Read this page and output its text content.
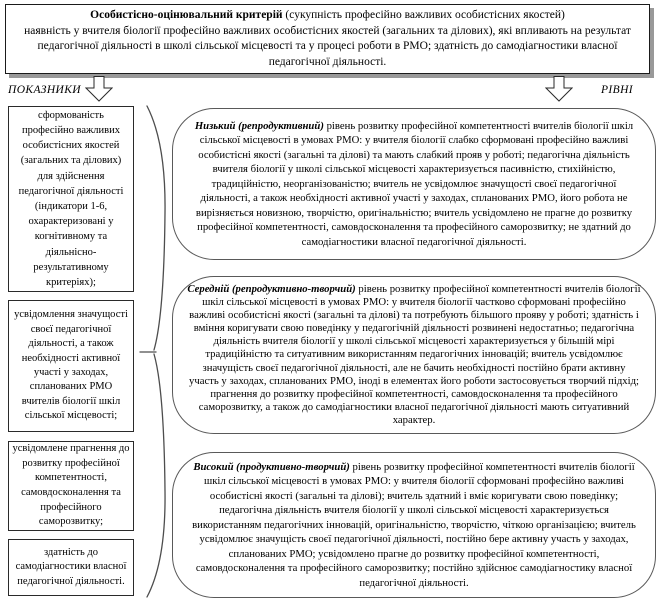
Особистісно-оцінювальний критерій (сукупність професійно важливих особистісних якостей)
наявність у вчителя біології професійно важливих особистісних якостей (загальних та ділових), які впливають на результат педагогічної діяльності в школі сільської місцевості та у процесі роботи в РМО; здатність до самодіагностики власної педагогічної діяльності.
ПОКАЗНИКИ	РІВНІ
сформованість професійно важливих особистісних якостей (загальних та ділових) для здійснення педагогічної діяльності (індикатори 1-6, охарактеризовані у когнітивному та діяльнісно-результативному критеріях);
усвідомлення значущості своєї педагогічної діяльності, а також необхідності активної участі у заходах, спланованих РМО вчителів біології шкіл сільської місцевості;
усвідомлене прагнення до розвитку професійної компетентності, самовдосконалення та професійного саморозвитку;
здатність до самодіагностики власної педагогічної діяльності.
Низький (репродуктивний) рівень розвитку професійної компетентності вчителів біології шкіл сільської місцевості в умовах РМО: у вчителя біології слабко сформовані професійно важливі особистісні якості (загальні та ділові) та мають слабкий прояв у роботі; педагогічна діяльність вчителя біології у школі сільської місцевості характеризується пасивністю, стихійністю, традиційністю, неорганізованістю; вчитель не усвідомлює значущості своєї педагогічної діяльності, а також необхідності активної участі у заходах, спланованих РМО, його робота не вирізняється новизною, творчістю, оригінальністю; вчитель усвідомлено не прагне до розвитку професійної компетентності, самовдосконалення та професійного саморозвитку; не здатний до самодіагностики власної педагогічної діяльності.
Середній (репродуктивно-творчий) рівень розвитку професійної компетентності вчителів біології шкіл сільської місцевості в умовах РМО: у вчителя біології частково сформовані професійно важливі особистісні якості (загальні та ділові) та потребують більшого прояву у роботі; здатність і вміння коригувати свою поведінку у педагогічній діяльності розвинені недостатньо; педагогічна діяльність вчителя біології у школі сільської місцевості характеризується у більшій мірі традиційністю та ситуативним використанням педагогічних інновацій; вчитель усвідомлює значущість своєї педагогічної діяльності, але не бачить необхідності постійно брати активну участь у заходах, спланованих РМО, іноді в елементах його роботи застосовується творчий підхід; прагнення до розвитку професійної компетентності, самовдосконалення та професійного саморозвитку, а також до самодіагностики власної педагогічної діяльності мають ситуативний характер.
Високий (продуктивно-творчий) рівень розвитку професійної компетентності вчителів біології шкіл сільської місцевості в умовах РМО: у вчителя біології сформовані професійно важливі особистісні якості (загальні та ділові); вчитель здатний і вміє коригувати свою поведінку; педагогічна діяльність вчителя біології у школі сільської місцевості характеризується використанням педагогічних інновацій, оригінальністю, творчістю, чіткою організацією; вчитель усвідомлює значущість своєї педагогічної діяльності, постійно бере активну участь у заходах, спланованих РМО; усвідомлено прагне до розвитку професійної компетентності, самовдосконалення та професійного саморозвитку; постійно здійснює самодіагностику власної педагогічної діяльності.
